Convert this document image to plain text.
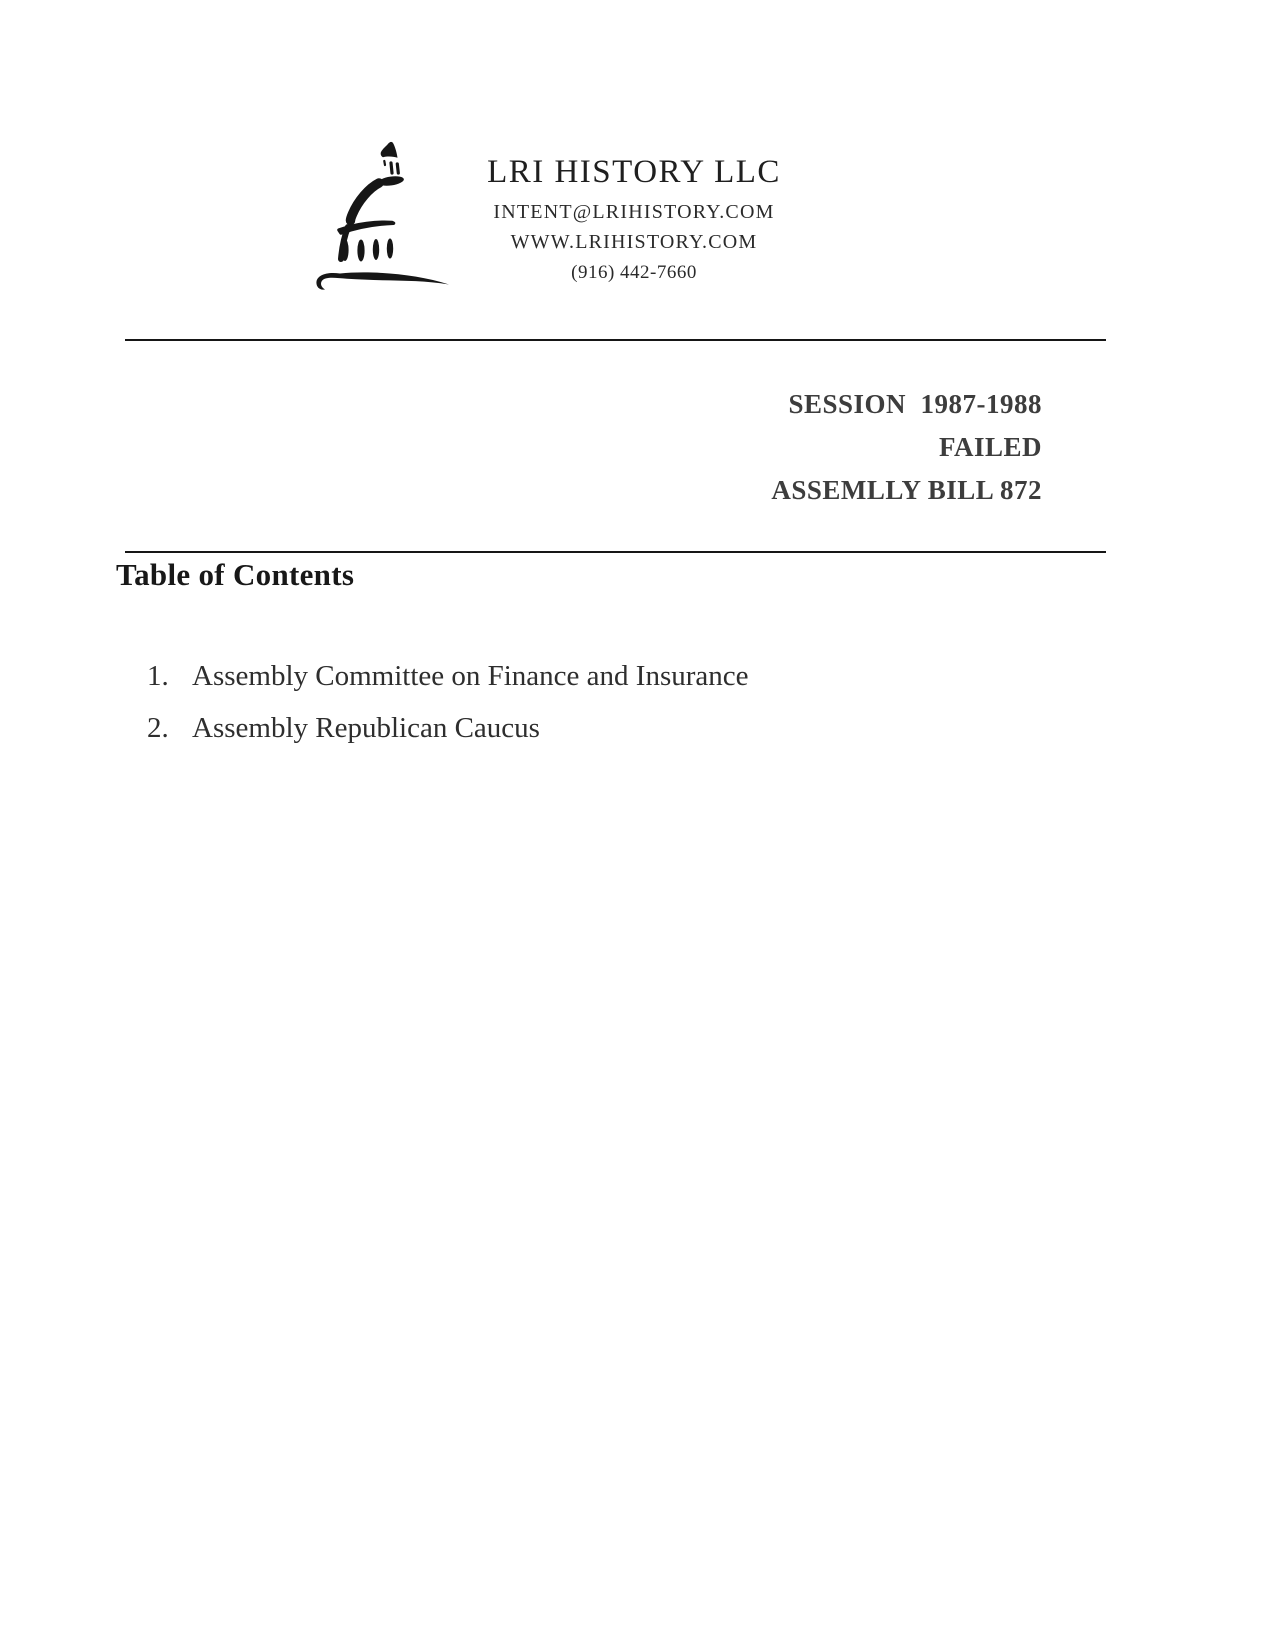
LRI HISTORY LLC
INTENT@LRIHISTORY.COM
WWW.LRIHISTORY.COM
(916) 442-7660
SESSION  1987-1988
FAILED
ASSEMLLY BILL 872
Table of Contents
1. Assembly Committee on Finance and Insurance
2. Assembly Republican Caucus
